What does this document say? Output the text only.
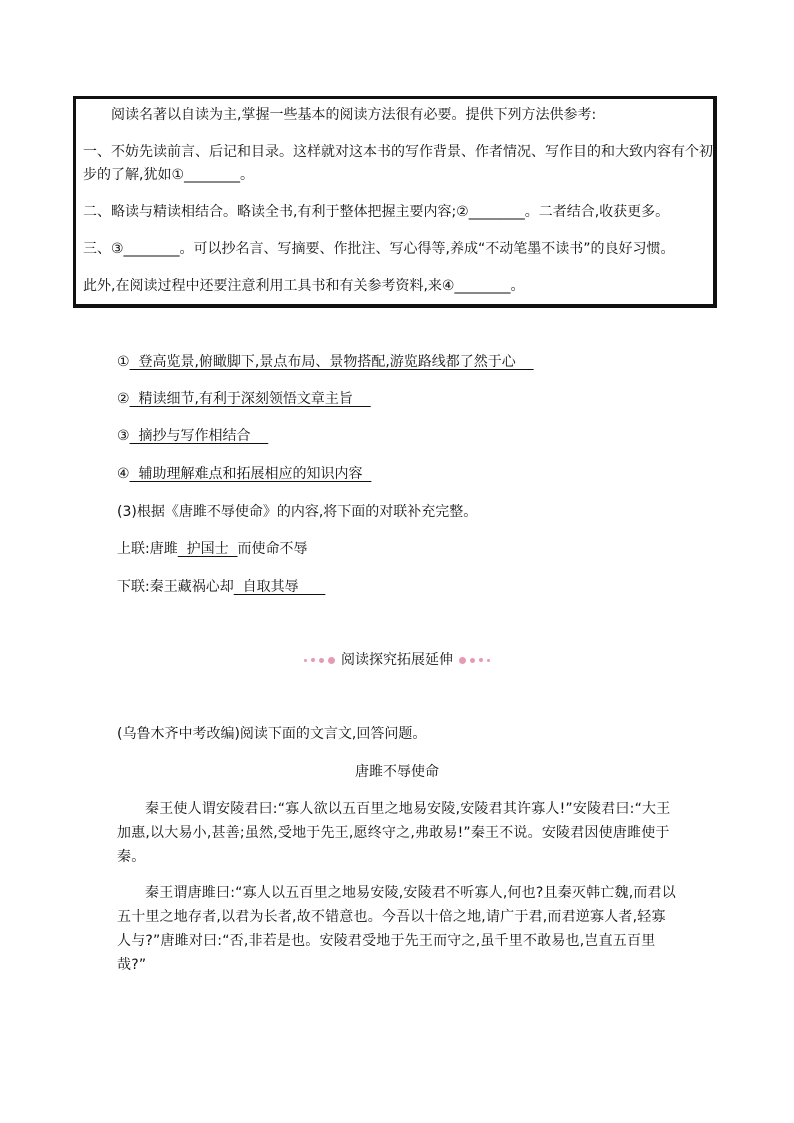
阅读名著以自读为主,掌握一些基本的阅读方法很有必要。提供下列方法供参考:
一、不妨先读前言、后记和目录。这样就对这本书的写作背景、作者情况、写作目的和大致内容有个初
步的了解,犹如①________。
二、略读与精读相结合。略读全书,有利于整体把握主要内容;②________。二者结合,收获更多。
三、③________。可以抄名言、写摘要、作批注、写心得等,养成“不动笔墨不读书”的良好习惯。
此外,在阅读过程中还要注意利用工具书和有关参考资料,来④________。
①  登高览景,俯瞰脚下,景点布局、景物搭配,游览路线都了然于心
②  精读细节,有利于深刻领悟文章主旨
③  摘抄与写作相结合
④  辅助理解难点和拓展相应的知识内容
(3)根据《唐雎不辱使命》的内容,将下面的对联补充完整。
上联:唐雎  护国士  而使命不辱
下联:秦王藏祸心却  自取其辱
阅读探究拓展延伸
(乌鲁木齐中考改编)阅读下面的文言文,回答问题。
唐雎不辱使命
秦王使人谓安陵君曰:“寡人欲以五百里之地易安陵,安陵君其许寡人!”安陵君曰:“大王加惠,以大易小,甚善;虽然,受地于先王,愿终守之,弗敢易!”秦王不说。安陵君因使唐雎使于秦。
秦王谓唐雎曰:“寡人以五百里之地易安陵,安陵君不听寡人,何也?且秦灭韩亡魏,而君以五十里之地存者,以君为长者,故不错意也。今吾以十倍之地,请广于君,而君逆寡人者,轻寡人与?”唐雎对曰:“否,非若是也。安陵君受地于先王而守之,虽千里不敢易也,岂直五百里哉?”
